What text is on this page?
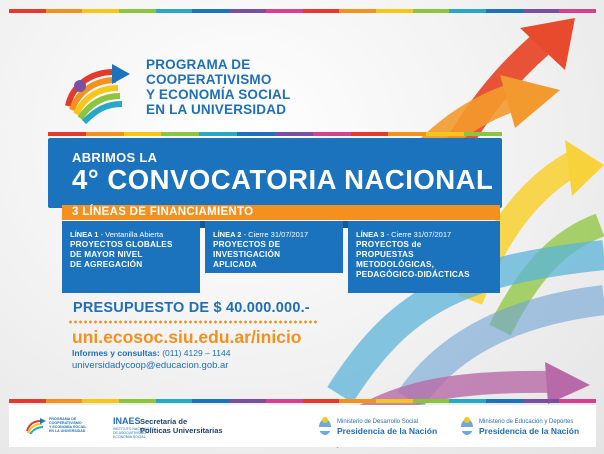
PROGRAMA DE
COOPERATIVISMO
Y ECONOMÍA SOCIAL
EN LA UNIVERSIDAD
ABRIMOS LA
4° CONVOCATORIA NACIONAL
3 LÍNEAS DE FINANCIAMIENTO
LÍNEA 1 - Ventanilla Abierta
PROYECTOS GLOBALES
DE MAYOR NIVEL
DE AGREGACIÓN
LÍNEA 2 - Cierre 31/07/2017
PROYECTOS DE
INVESTIGACIÓN
APLICADA
LÍNEA 3 - Cierre 31/07/2017
PROYECTOS de
PROPUESTAS
METODOLÓGICAS,
PEDAGÓGICO-DIDÁCTICAS
PRESUPUESTO DE $ 40.000.000.-
uni.ecosoc.siu.edu.ar/inicio
Informes y consultas: (011) 4129 – 1144
universidadycoop@educacion.gob.ar
PROGRAMA DE
COOPERATIVISMO
Y ECONOMÍA SOCIAL
EN LA UNIVERSIDAD
INAES
INSTITUTO NACIONAL DE ASOCIATIVISMO Y ECONOMÍA SOCIAL
Secretaría de
Políticas Universitarias
Ministerio de Desarrollo Social
Presidencia de la Nación
Ministerio de Educación y Deportes
Presidencia de la Nación
